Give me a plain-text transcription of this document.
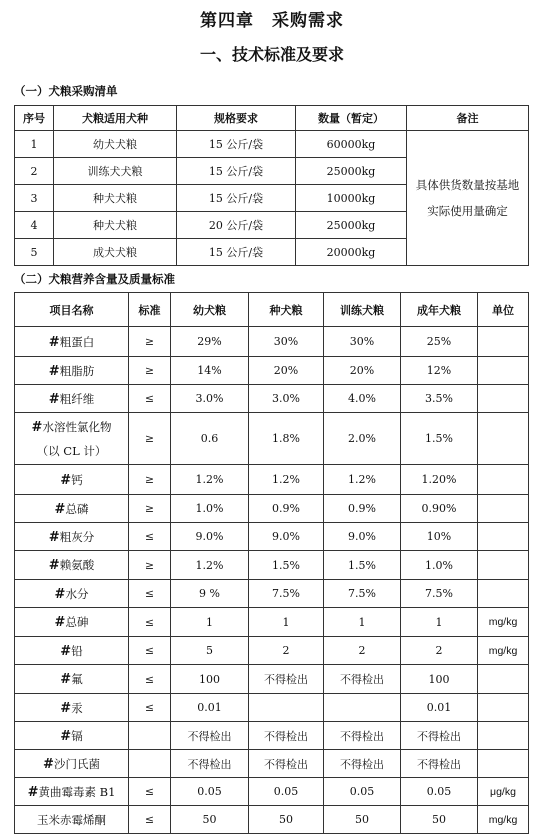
第四章　采购需求
一、技术标准及要求
（一）犬粮采购清单
序号	犬粮适用犬种	规格要求	数量（暂定）	备注
1	幼犬犬粮	15 公斤/袋	60000kg	具体供货数量按基地
实际使用量确定

2	训练犬犬粮	15 公斤/袋	25000kg	
3	种犬犬粮	15 公斤/袋	10000kg	
4	种犬犬粮	20 公斤/袋	25000kg	
5	成犬犬粮	15 公斤/袋	20000kg	
（二）犬粮营养含量及质量标准
项目名称	标准	幼犬粮	种犬粮	训练犬粮	成年犬粮	单位

#粗蛋白	≥	29%	30%	30%	25%	

#粗脂肪	≥	14%	20%	20%	12%	

#粗纤维	≤	3.0%	3.0%	4.0%	3.5%	

#水溶性氯化物
（以 CL 计）	≥	0.6	1.8%	2.0%	1.5%	

#钙	≥	1.2%	1.2%	1.2%	1.20%	

#总磷	≥	1.0%	0.9%	0.9%	0.90%	

#粗灰分	≤	9.0%	9.0%	9.0%	10%	

#赖氨酸	≥	1.2%	1.5%	1.5%	1.0%	

#水分	≤	9 %	7.5%	7.5%	7.5%	

#总砷	≤	1	1	1	1	mg/kg

#铅	≤	5	2	2	2	mg/kg

#氟	≤	100	不得检出	不得检出	100	

#汞	≤	0.01			0.01	

#镉		不得检出	不得检出	不得检出	不得检出	

#沙门氏菌		不得检出	不得检出	不得检出	不得检出	

#黄曲霉毒素 B1	≤	0.05	0.05	0.05	0.05	μg/kg

玉米赤霉烯酮	≤	50	50	50	50	mg/kg
